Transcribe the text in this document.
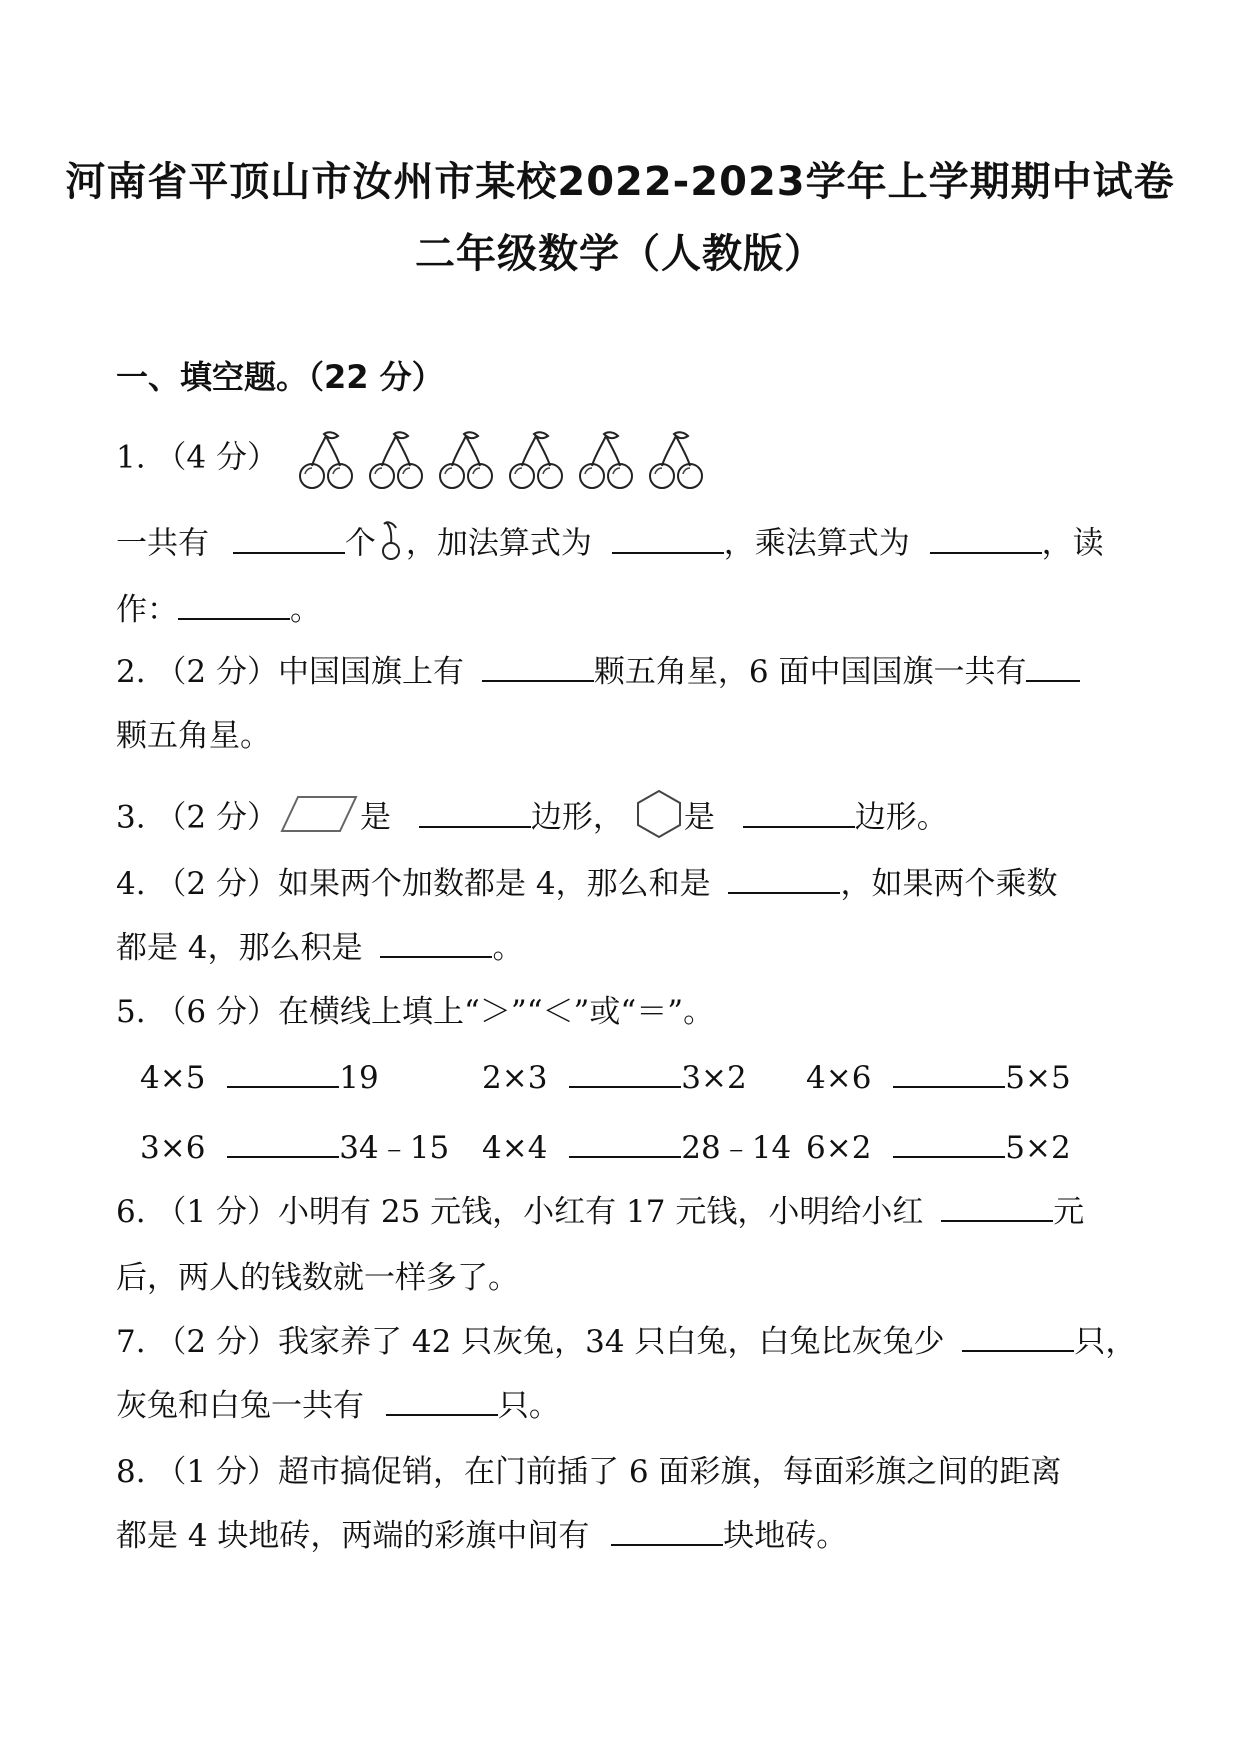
河南省平顶山市汝州市某校2022-2023学年上学期期中试卷
二年级数学（人教版）
一、填空题。（22 分）
1. （4 分）
一共有	个 ，加法算式为	，乘法算式为	，读
作：	。
2. （2 分）中国国旗上有	颗五角星，6 面中国国旗一共有
颗五角星。
3. （2 分）	是	边形， 是	边形。
4. （2 分）如果两个加数都是 4，那么和是	，如果两个乘数
都是 4，那么积是	。
5. （6 分）在横线上填上“＞”“＜”或“＝”。
4×5	19	2×3	3×2 4×6	5×5
3×6	34﹣15 4×4	28﹣14 6×2	5×2
6. （1 分）小明有 25 元钱，小红有 17 元钱，小明给小红	元
后，两人的钱数就一样多了。
7. （2 分）我家养了 42 只灰兔，34 只白兔，白兔比灰兔少	只，
灰兔和白兔一共有	只。
8. （1 分）超市搞促销，在门前插了 6 面彩旗，每面彩旗之间的距离
都是 4 块地砖，两端的彩旗中间有	块地砖。
